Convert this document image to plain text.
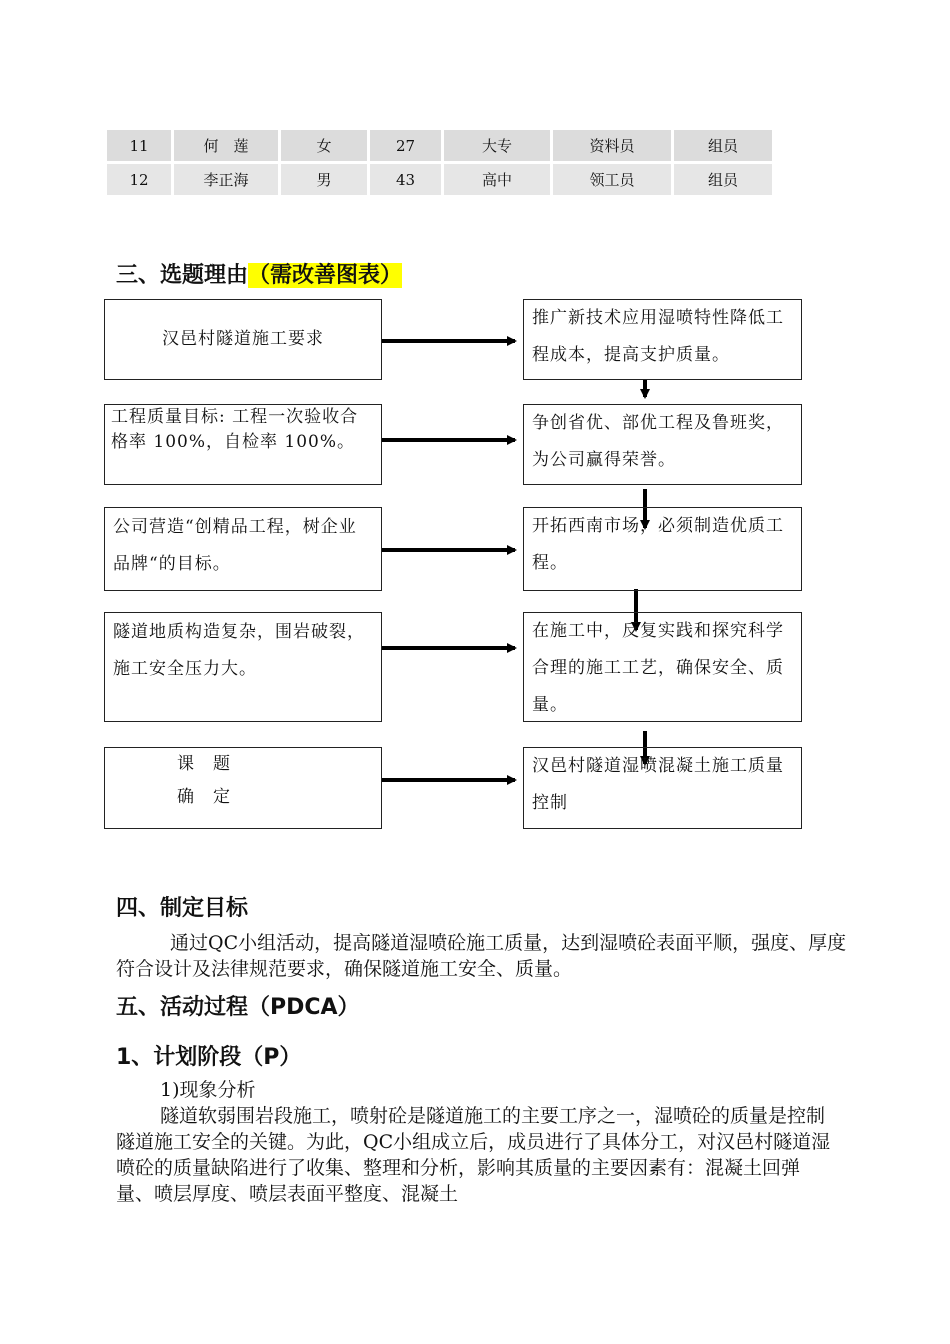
11	何　莲	女	27	大专	资料员	组员
12	李正海	男	43	高中	领工员	组员
三、选题理由（需改善图表）
汉邑村隧道施工要求
工程质量目标: 工程一次验收合格率 100%，自检率 100%。
公司营造“创精品工程，树企业品牌“的目标。
隧道地质构造复杂，围岩破裂，施工安全压力大。
课　题
确　定
推广新技术应用湿喷特性降低工程成本，提高支护质量。
争创省优、部优工程及鲁班奖，为公司赢得荣誉。
开拓西南市场，必须制造优质工程。
在施工中，反复实践和探究科学合理的施工工艺，确保安全、质量。
汉邑村隧道湿喷混凝土施工质量控制
四、制定目标
通过QC小组活动，提高隧道湿喷砼施工质量，达到湿喷砼表面平顺，强度、厚度符合设计及法律规范要求，确保隧道施工安全、质量。
五、活动过程（PDCA）
1、计划阶段（P）
1)现象分析
隧道软弱围岩段施工，喷射砼是隧道施工的主要工序之一，湿喷砼的质量是控制隧道施工安全的关键。为此，QC小组成立后，成员进行了具体分工，对汉邑村隧道湿喷砼的质量缺陷进行了收集、整理和分析，影响其质量的主要因素有：混凝土回弹量、喷层厚度、喷层表面平整度、混凝土
